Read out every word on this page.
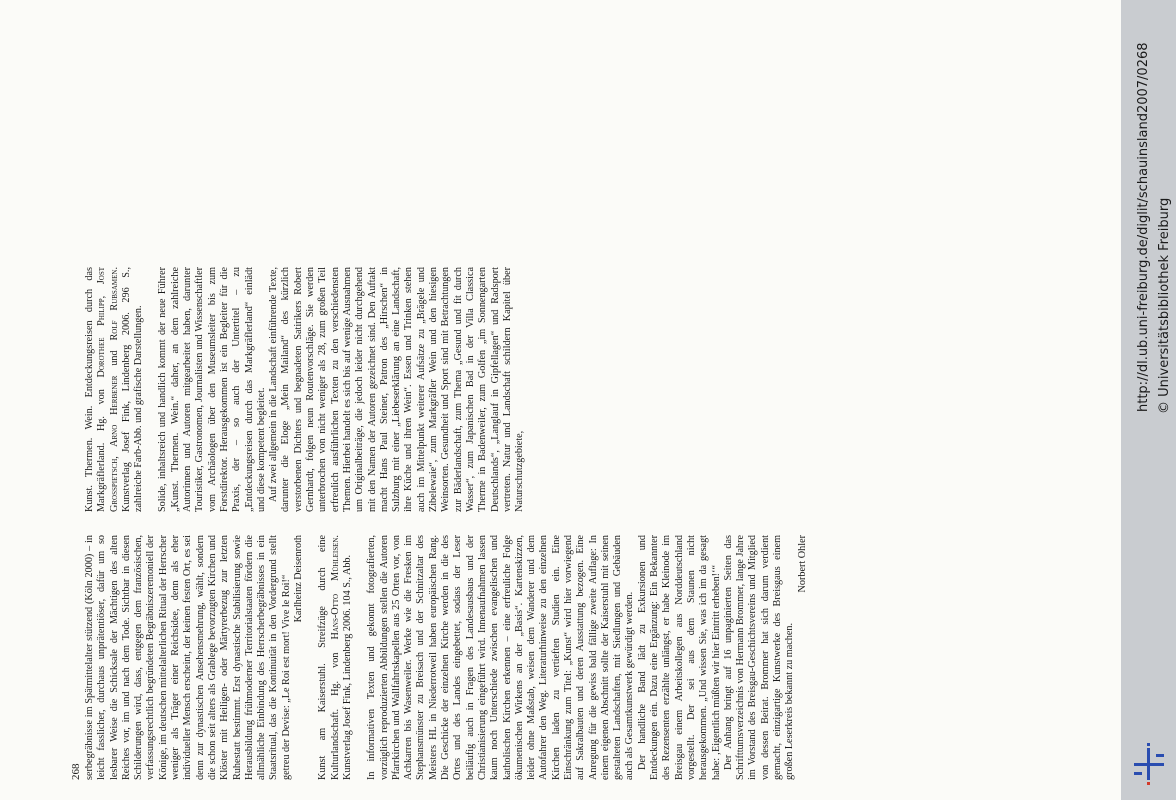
268 serbegräbnisse im Spätmittelalter stützend (Köln 2000) – in leicht fasslicher, durchaus unprätentiöser, dafür um so lesbarer Weise die Schicksale der Mächtigen des alten Reiches vor, im und nach dem Tode. Sichtbar in diesen Schilderungen wird, dass, entgegen dem französischen, verfassungsrechtlich begründeten Begräbniszeremoniell der Könige, im deutschen mittelalterlichen Ritual der Herrscher weniger als Träger einer Reichsidee, denn als eher individueller Mensch erscheint, der keinen festen Ort, es sei denn zur dynastischen Ansehensmehrung, wählt, sondern die schon seit alters als Grablege bevorzugten Kirchen und Klöster mit Heiligen- oder Märtyrerbezug zur letzten Ruhestatt bestimmt. Erst dynastische Stabilisierung sowie Herausbildung frühmoderner Territorialstaaten fördern die allmähliche Einbindung des Herrscherbegräbnisses in ein Staatsritual, das die Kontinuität in den Vordergrund stellt getreu der Devise: „Le Roi est mort! Vive le Roi!“ Karlheinz Deisenroth Kunst am Kaiserstuhl. Streifzüge durch eine Kulturlandschaft. Hg. von Hans-Otto Mühleisen. Kunstverlag Josef Fink, Lindenberg 2006. 104 S., Abb. In informativen Texten und gekonnt fotografierten, vorzüglich reproduzierten Abbildungen stellen die Autoren Pfarrkirchen und Wallfahrtskapellen aus 25 Orten vor, von Achkarren bis Wasenweiler. Werke wie die Fresken im Stephansmünster zu Breisach und der Schnitzaltar des Meisters HL in Niederrotweil haben europäischen Rang. Die Geschicke der einzelnen Kirche werden in die des Ortes und des Landes eingebettet, sodass der Leser beiläufig auch in Fragen des Landesausbaus und der Christianisierung eingeführt wird. Innenaufnahmen lassen kaum noch Unterschiede zwischen evangelischen und katholischen Kirchen erkennen – eine erfreuliche Folge ökumenischen Wirkens an der „Basis“. Kartenskizzen, leider ohne Maßstab, weisen dem Wanderer und dem Autofahrer den Weg. Literaturhinweise zu den einzelnen Kirchen laden zu vertieften Studien ein. Eine Einschränkung zum Titel: „Kunst“ wird hier vorwiegend auf Sakralbauten und deren Ausstattung bezogen. Eine Anregung für die gewiss bald fällige zweite Auflage: In einem eigenen Abschnitt sollte der Kaiserstuhl mit seinen gestalteten Landschaften, mit Siedlungen und Gebäuden auch als Gesamtkunstwerk gewürdigt werden. Der handliche Band lädt zu Exkursionen und Entdeckungen ein. Dazu eine Ergänzung: Ein Bekannter des Rezensenten erzählte unlängst, er habe Kleinode im Breisgau einem Arbeitskollegen aus Norddeutschland vorgestellt. Der sei aus dem Staunen nicht herausgekommen. „Und wissen Sie, was ich im da gesagt habe: ‚Eigentlich müßten wir hier Eintritt erheben!‘“ Der Anhang bringt auf 16 unpaginierten Seiten das Schrifttumsverzeichnis von Hermann Brommer, lange Jahre im Vorstand des Breisgau-Geschichtsvereins und Mitglied von dessen Beirat. Brommer hat sich darum verdient gemacht, einzigartige Kunstwerke des Breisgaus einem großen Leserkreis bekannt zu machen.

Norbert Ohler

Kunst. Thermen. Wein. Entdeckungsreisen durch das Markgräflerland. Hg. von Dorothee Philipp, Jost Grosspietsch, Arno Herbener und Rolf Rubsamen. Kunstverlag Josef Fink, Lindenberg 2006. 296 S., zahlreiche Farb-Abb. und grafische Darstellungen. Solide, inhaltsreich und handlich kommt der neue Führer „Kunst. Thermen. Wein.“ daher, an dem zahlreiche Autorinnen und Autoren mitgearbeitet haben, darunter Touristiker, Gastronomen, Journalisten und Wissenschaftler vom Archäologen über den Museumsleiter bis zum Forstdirektor. Herausgekommen ist ein Begleiter für die Praxis, der – so auch der Untertitel – zu „Entdeckungsreisen durch das Markgräflerland“ einlädt und diese kompetent begleitet. Auf zwei allgemein in die Landschaft einführende Texte, darunter die Eloge „Mein Mailand“ des kürzlich verstorbenen Dichters und begnadeten Satirikers Robert Gernhardt, folgen neun Routenvorschläge. Sie werden unterbrochen von nicht weniger als 28, zum großen Teil erfreulich ausführlichen Texten zu den verschiedensten Themen. Hierbei handelt es sich bis auf wenige Ausnahmen um Originalbeiträge, die jedoch leider nicht durchgehend mit den Namen der Autoren gezeichnet sind. Den Auftakt macht Hans Paul Steiner, Patron des „Hirschen“ in Sulzburg mit einer „Liebeserklärung an eine Landschaft, ihre Küche und ihren Wein“. Essen und Trinken stehen auch im Mittelpunkt weiterer Aufsätze zu „Brägele und Zibelewaie“, zum Markgräfler Wein und den hiesigen Weinsorten. Gesundheit und Sport sind mit Betrachtungen zur Bäderlandschaft, zum Thema „Gesund und fit durch Wasser“, zum Japanischen Bad in der Villa Classica Therme in Badenweiler, zum Golfen „im Sonnengarten Deutschlands“, „Langlauf in Gipfellagen“ und Radsport vertreten. Natur und Landschaft schildern Kapitel über Naturschutzgebiete,

http://dl.ub.uni-freiburg.de/diglit/schauinsland2007/0268 © Universitätsbibliothek Freiburg
